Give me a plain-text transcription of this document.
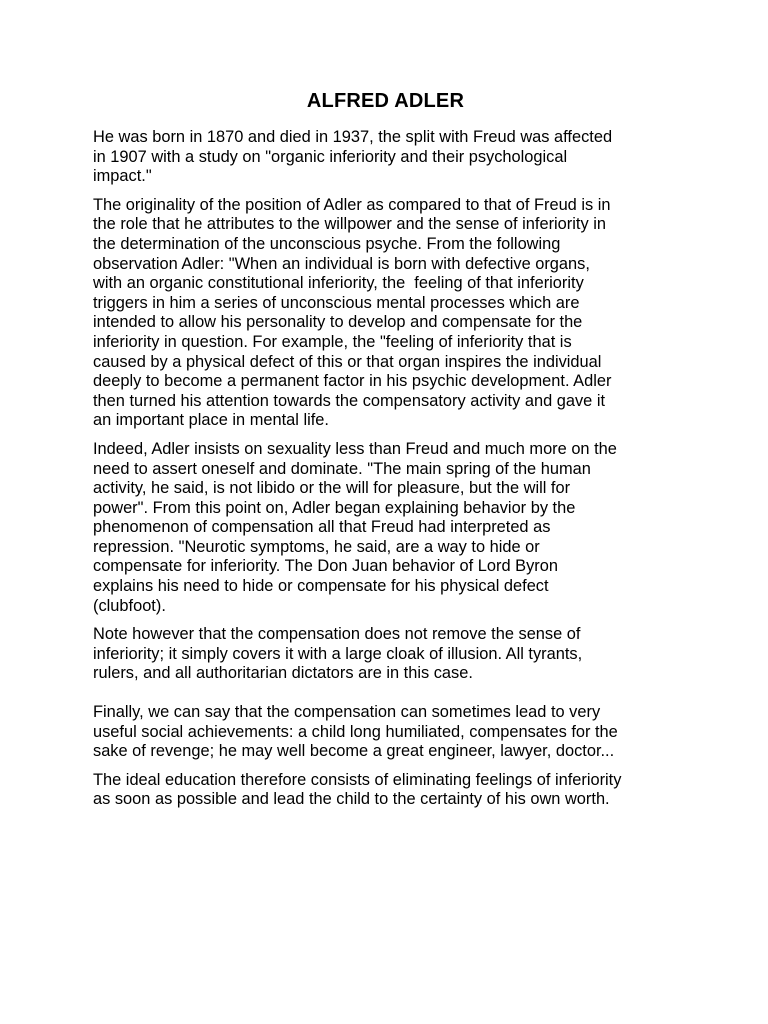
ALFRED ADLER

He was born in 1870 and died in 1937, the split with Freud was affected
in 1907 with a study on "organic inferiority and their psychological
impact."

The originality of the position of Adler as compared to that of Freud is in
the role that he attributes to the willpower and the sense of inferiority in
the determination of the unconscious psyche. From the following
observation Adler: "When an individual is born with defective organs,
with an organic constitutional inferiority, the  feeling of that inferiority
triggers in him a series of unconscious mental processes which are
intended to allow his personality to develop and compensate for the
inferiority in question. For example, the "feeling of inferiority that is
caused by a physical defect of this or that organ inspires the individual
deeply to become a permanent factor in his psychic development. Adler
then turned his attention towards the compensatory activity and gave it
an important place in mental life.

Indeed, Adler insists on sexuality less than Freud and much more on the
need to assert oneself and dominate. "The main spring of the human
activity, he said, is not libido or the will for pleasure, but the will for
power". From this point on, Adler began explaining behavior by the
phenomenon of compensation all that Freud had interpreted as
repression. "Neurotic symptoms, he said, are a way to hide or
compensate for inferiority. The Don Juan behavior of Lord Byron
explains his need to hide or compensate for his physical defect
(clubfoot).

Note however that the compensation does not remove the sense of
inferiority; it simply covers it with a large cloak of illusion. All tyrants,
rulers, and all authoritarian dictators are in this case.

Finally, we can say that the compensation can sometimes lead to very
useful social achievements: a child long humiliated, compensates for the
sake of revenge; he may well become a great engineer, lawyer, doctor...

The ideal education therefore consists of eliminating feelings of inferiority
as soon as possible and lead the child to the certainty of his own worth.
